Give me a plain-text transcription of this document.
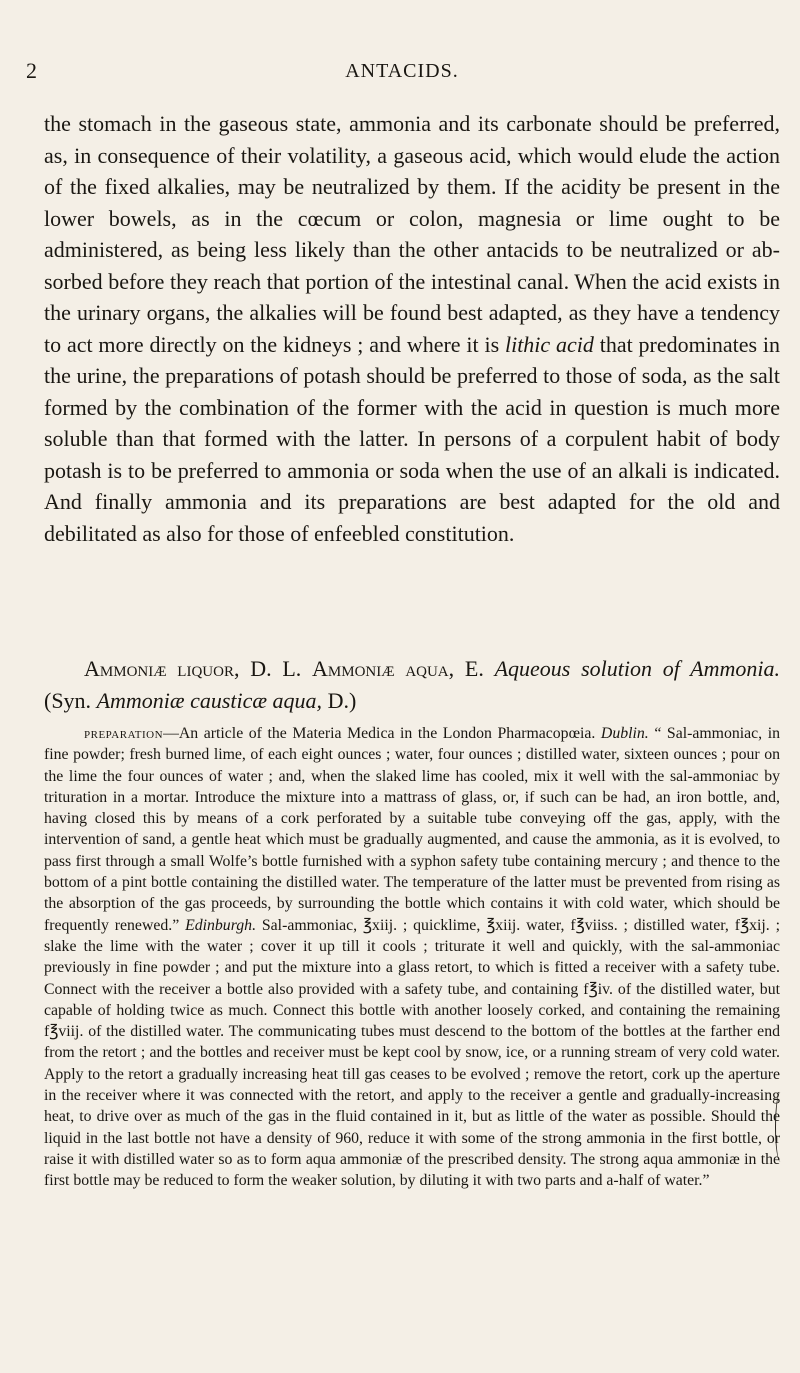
2	ANTACIDS.

the stomach in the gaseous state, ammonia and its carbonate should be preferred, as, in consequence of their volatility, a gaseous acid, which would elude the action of the fixed alkalies, may be neutralized by them. If the acidity be present in the lower bowels, as in the cœcum or colon, magnesia or lime ought to be administered, as being less likely than the other antacids to be neutralized or absorbed before they reach that portion of the intestinal canal. When the acid exists in the urinary organs, the alkalies will be found best adapted, as they have a tendency to act more directly on the kidneys ; and where it is lithic acid that predominates in the urine, the preparations of potash should be preferred to those of soda, as the salt formed by the combination of the former with the acid in question is much more soluble than that formed with the latter. In persons of a corpulent habit of body potash is to be preferred to ammonia or soda when the use of an alkali is indicated. And finally ammonia and its preparations are best adapted for the old and debilitated as also for those of enfeebled constitution.

Ammoniæ liquor, D. L. Ammoniæ aqua, E. Aqueous solution of Ammonia. (Syn. Ammoniæ causticæ aqua, D.)

preparation—An article of the Materia Medica in the London Pharmacopœia. Dublin. “ Sal-ammoniac, in fine powder; fresh burned lime, of each eight ounces ; water, four ounces ; distilled water, sixteen ounces ; pour on the lime the four ounces of water ; and, when the slaked lime has cooled, mix it well with the sal-ammoniac by trituration in a mortar. Introduce the mixture into a mattrass of glass, or, if such can be had, an iron bottle, and, having closed this by means of a cork perforated by a suitable tube conveying off the gas, apply, with the intervention of sand, a gentle heat which must be gradually augmented, and cause the ammonia, as it is evolved, to pass first through a small Wolfe’s bottle furnished with a syphon safety tube containing mercury ; and thence to the bottom of a pint bottle containing the distilled water. The temperature of the latter must be prevented from rising as the absorption of the gas proceeds, by surrounding the bottle which contains it with cold water, which should be frequently renewed.” Edinburgh. Sal-ammoniac, ℥xiij. ; quicklime, ℥xiij. water, f℥viiss. ; distilled water, f℥xij. ; slake the lime with the water ; cover it up till it cools ; triturate it well and quickly, with the sal-ammoniac previously in fine powder ; and put the mixture into a glass retort, to which is fitted a receiver with a safety tube. Connect with the receiver a bottle also provided with a safety tube, and containing f℥iv. of the distilled water, but capable of holding twice as much. Connect this bottle with another loosely corked, and containing the remaining f℥viij. of the distilled water. The communicating tubes must descend to the bottom of the bottles at the farther end from the retort ; and the bottles and receiver must be kept cool by snow, ice, or a running stream of very cold water. Apply to the retort a gradually increasing heat till gas ceases to be evolved ; remove the retort, cork up the aperture in the receiver where it was connected with the retort, and apply to the receiver a gentle and gradually-increasing heat, to drive over as much of the gas in the fluid contained in it, but as little of the water as possible. Should the liquid in the last bottle not have a density of 960, reduce it with some of the strong ammonia in the first bottle, or raise it with distilled water so as to form aqua ammoniæ of the prescribed density. The strong aqua ammoniæ in the first bottle may be reduced to form the weaker solution, by diluting it with two parts and a-half of water.”
